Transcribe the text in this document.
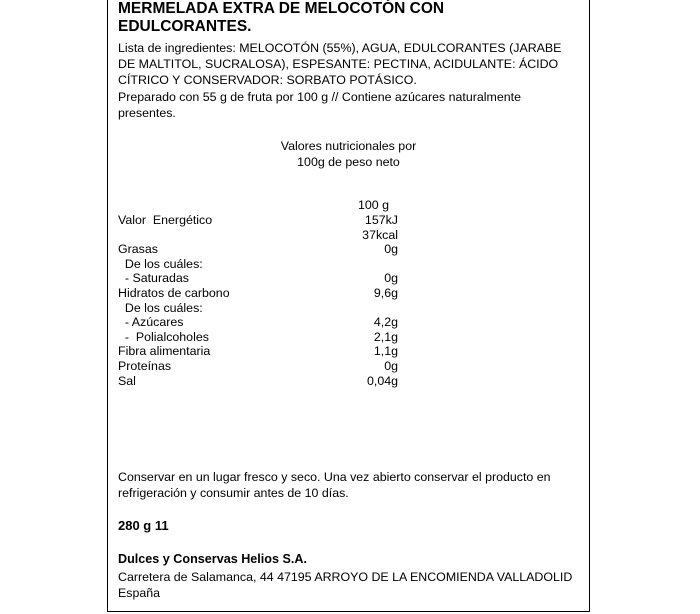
MERMELADA EXTRA DE MELOCOTÓN CON EDULCORANTES.
Lista de ingredientes: MELOCOTÓN (55%), AGUA, EDULCORANTES (JARABE DE MALTITOL, SUCRALOSA), ESPESANTE: PECTINA, ACIDULANTE: ÁCIDO CÍTRICO Y CONSERVADOR: SORBATO POTÁSICO.
Preparado con 55 g de fruta por 100 g // Contiene azúcares naturalmente presentes.
Valores nutricionales por
100g de peso neto
100 g
Valor  Energético	157kJ
37kcal
Grasas	0g
De los cuáles:
- Saturadas	0g
Hidratos de carbono	9,6g
De los cuáles:
- Azúcares	4,2g
-  Polialcoholes	2,1g
Fibra alimentaria	1,1g
Proteínas	0g
Sal	0,04g
Conservar en un lugar fresco y seco. Una vez abierto conservar el producto en refrigeración y consumir antes de 10 días.
280 g 11
Dulces y Conservas Helios S.A.
Carretera de Salamanca, 44 47195 ARROYO DE LA ENCOMIENDA VALLADOLID
España
